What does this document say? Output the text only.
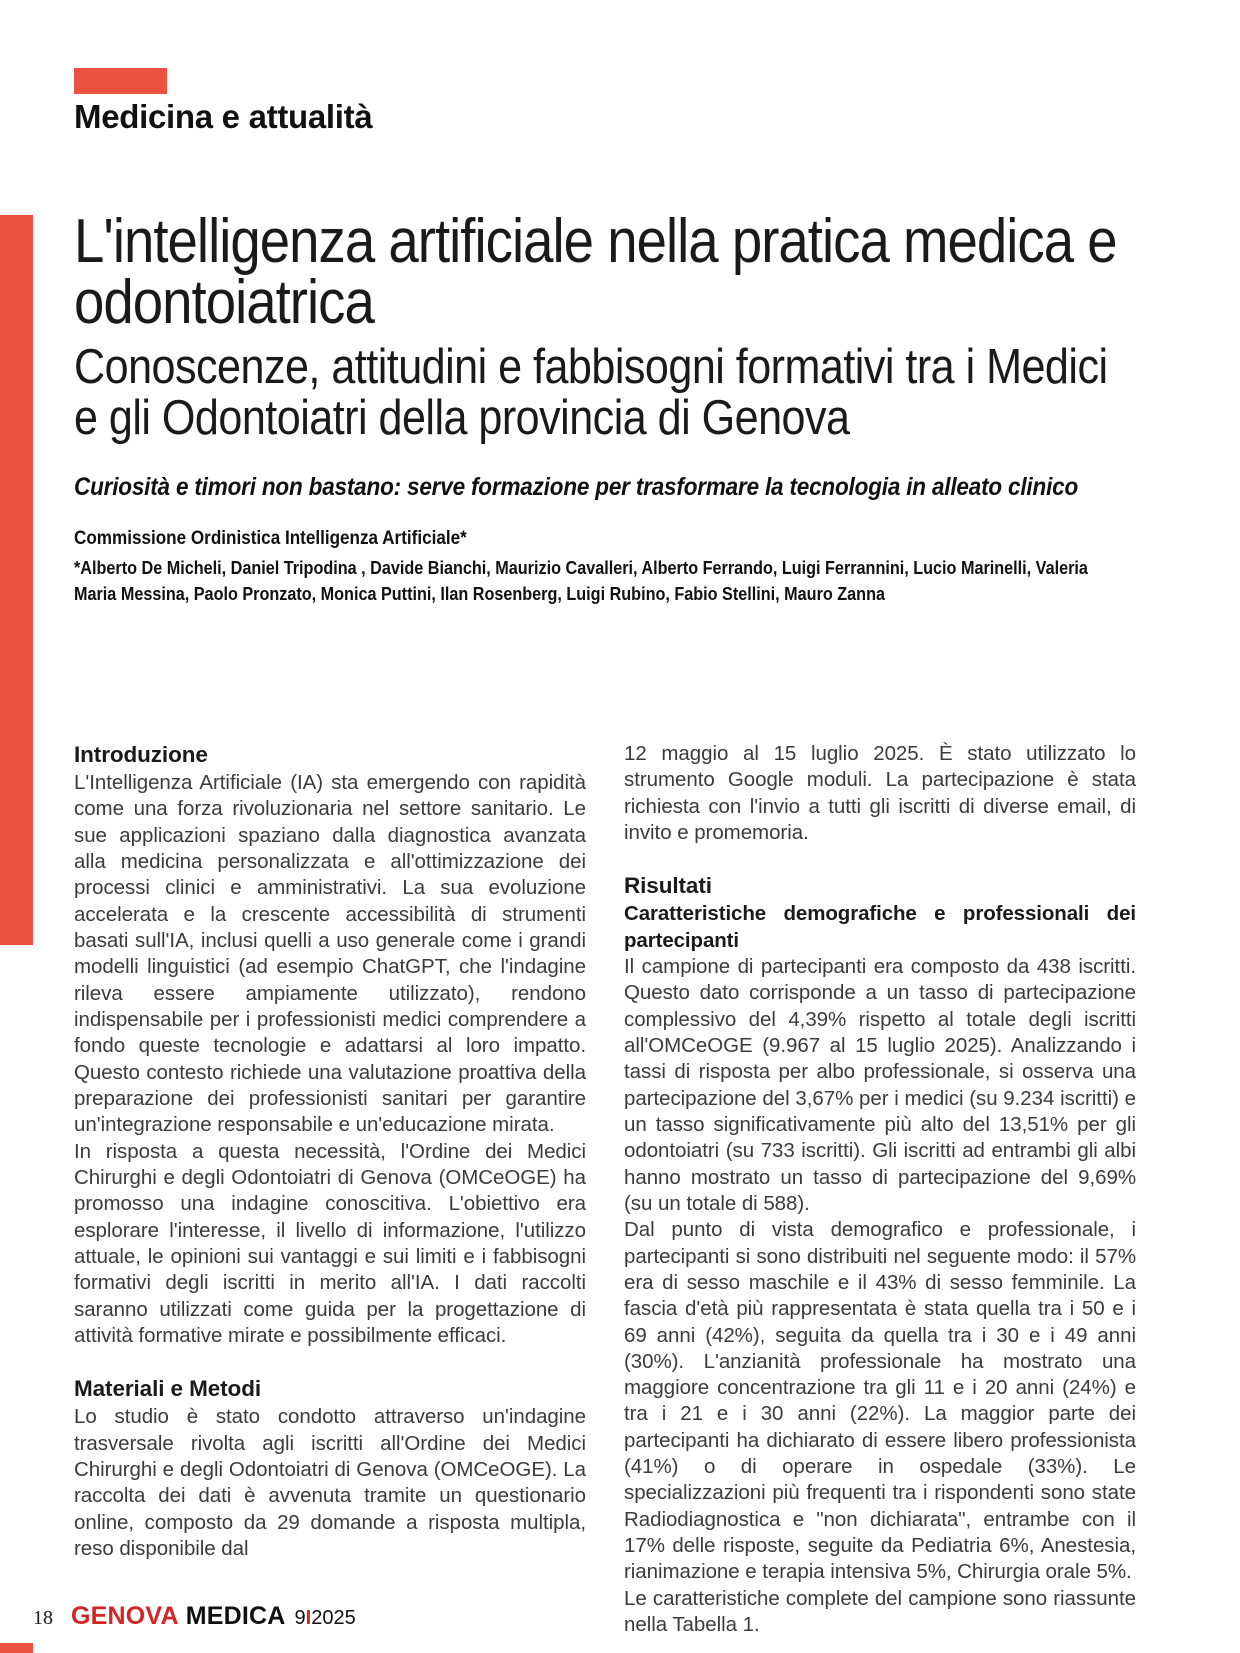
Medicina e attualità
L'intelligenza artificiale nella pratica medica e odontoiatrica
Conoscenze, attitudini e fabbisogni formativi tra i Medici e gli Odontoiatri della provincia di Genova
Curiosità e timori non bastano: serve formazione per trasformare la tecnologia in alleato clinico
Commissione Ordinistica Intelligenza Artificiale*
*Alberto De Micheli, Daniel Tripodina , Davide Bianchi, Maurizio Cavalleri, Alberto Ferrando, Luigi Ferrannini, Lucio Marinelli, Valeria Maria Messina, Paolo Pronzato, Monica Puttini, Ilan Rosenberg, Luigi Rubino, Fabio Stellini, Mauro Zanna
Introduzione

L'Intelligenza Artificiale (IA) sta emergendo con rapidità come una forza rivoluzionaria nel settore sanitario. Le sue applicazioni spaziano dalla diagnostica avanzata alla medicina personalizzata e all'ottimizzazione dei processi clinici e amministrativi. La sua evoluzione accelerata e la crescente accessibilità di strumenti basati sull'IA, inclusi quelli a uso generale come i grandi modelli linguistici (ad esempio ChatGPT, che l'indagine rileva essere ampiamente utilizzato), rendono indispensabile per i professionisti medici comprendere a fondo queste tecnologie e adattarsi al loro impatto. Questo contesto richiede una valutazione proattiva della preparazione dei professionisti sanitari per garantire un'integrazione responsabile e un'educazione mirata.

In risposta a questa necessità, l'Ordine dei Medici Chirurghi e degli Odontoiatri di Genova (OMCeOGE) ha promosso una indagine conoscitiva. L'obiettivo era esplorare l'interesse, il livello di informazione, l'utilizzo attuale, le opinioni sui vantaggi e sui limiti e i fabbisogni formativi degli iscritti in merito all'IA. I dati raccolti saranno utilizzati come guida per la progettazione di attività formative mirate e possibilmente efficaci.

Materiali e Metodi

Lo studio è stato condotto attraverso un'indagine trasversale rivolta agli iscritti all'Ordine dei Medici Chirurghi e degli Odontoiatri di Genova (OMCeOGE). La raccolta dei dati è avvenuta tramite un questionario online, composto da 29 domande a risposta multipla, reso disponibile dal

12 maggio al 15 luglio 2025. È stato utilizzato lo strumento Google moduli. La partecipazione è stata richiesta con l'invio a tutti gli iscritti di diverse email, di invito e promemoria.

Risultati
Caratteristiche demografiche e professionali dei partecipanti

Il campione di partecipanti era composto da 438 iscritti. Questo dato corrisponde a un tasso di partecipazione complessivo del 4,39% rispetto al totale degli iscritti all'OMCeOGE (9.967 al 15 luglio 2025). Analizzando i tassi di risposta per albo professionale, si osserva una partecipazione del 3,67% per i medici (su 9.234 iscritti) e un tasso significativamente più alto del 13,51% per gli odontoiatri (su 733 iscritti). Gli iscritti ad entrambi gli albi hanno mostrato un tasso di partecipazione del 9,69% (su un totale di 588).

Dal punto di vista demografico e professionale, i partecipanti si sono distribuiti nel seguente modo: il 57% era di sesso maschile e il 43% di sesso femminile. La fascia d'età più rappresentata è stata quella tra i 50 e i 69 anni (42%), seguita da quella tra i 30 e i 49 anni (30%). L'anzianità professionale ha mostrato una maggiore concentrazione tra gli 11 e i 20 anni (24%) e tra i 21 e i 30 anni (22%). La maggior parte dei partecipanti ha dichiarato di essere libero professionista (41%) o di operare in ospedale (33%). Le specializzazioni più frequenti tra i rispondenti sono state Radiodiagnostica e "non dichiarata", entrambe con il 17% delle risposte, seguite da Pediatria 6%, Anestesia, rianimazione e terapia intensiva 5%, Chirurgia orale 5%.

Le caratteristiche complete del campione sono riassunte nella Tabella 1.

18 GENOVA MEDICA 9I2025
